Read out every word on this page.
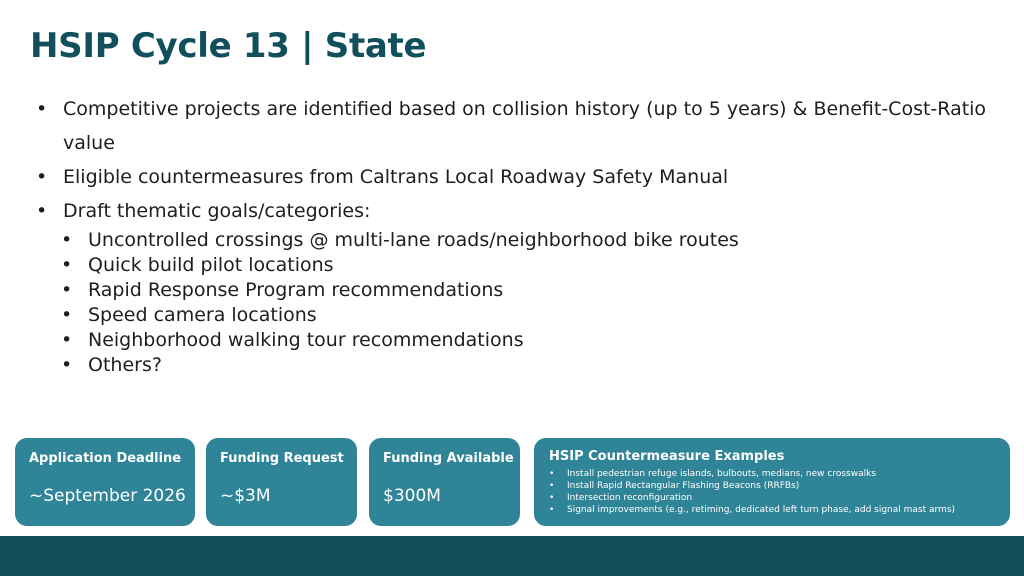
HSIP Cycle 13 | State
• Competitive projects are identified based on collision history (up to 5 years) & Benefit-Cost-Ratio value
• Eligible countermeasures from Caltrans Local Roadway Safety Manual
• Draft thematic goals/categories:
• Uncontrolled crossings @ multi-lane roads/neighborhood bike routes
• Quick build pilot locations
• Rapid Response Program recommendations
• Speed camera locations
• Neighborhood walking tour recommendations
• Others?
Application Deadline
~September 2026
Funding Request
~$3M
Funding Available
$300M
HSIP Countermeasure Examples
•	Install pedestrian refuge islands, bulbouts, medians, new crosswalks
•	Install Rapid Rectangular Flashing Beacons (RRFBs)
•	Intersection reconfiguration
•	Signal improvements (e.g., retiming, dedicated left turn phase, add signal mast arms)
